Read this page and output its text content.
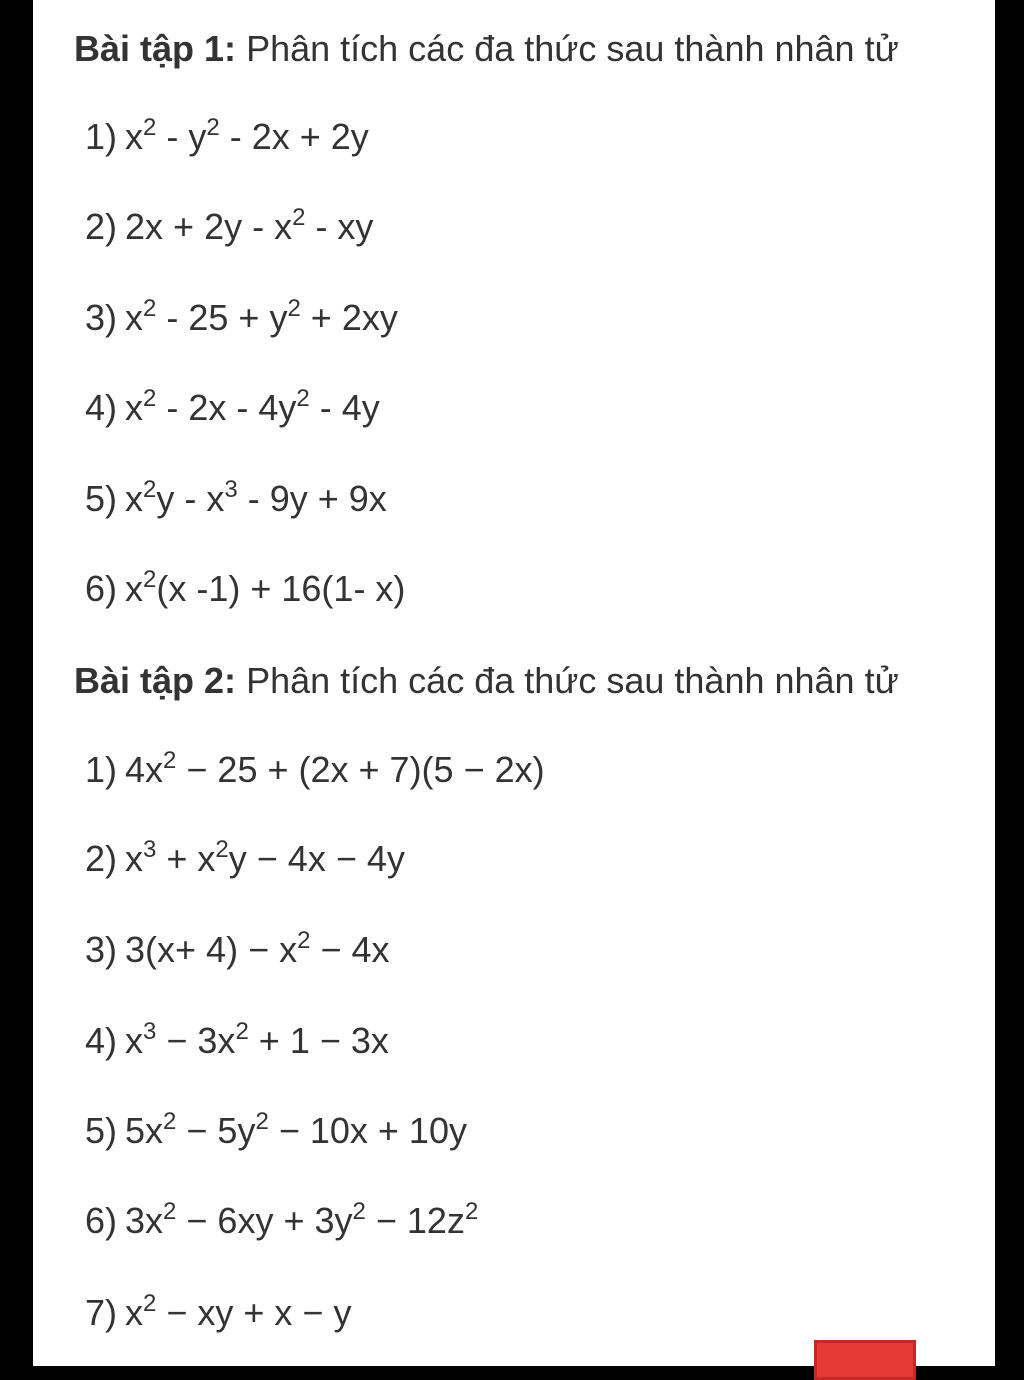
Bài tập 1: Phân tích các đa thức sau thành nhân tử
1) $x^2 - y^2 - 2x + 2y$
2) $2x + 2y - x^2$ - xy
3) $x^2 - 25 + y^2 + 2xy$
$4)x^2 - 2x - 4y^2 - 4y$
5) $x^2y - x^3 - 9y + 9x$
6) $x^2(x$ -1) + 16(1- x)
Bài tập 2: Phân tích các đa thức sau thành nhân tử
1) $4x^2 - 25 + (2x + 7)(5 - 2x)$
2) $x^3 + x^2y - 4x - 4y$
3) $3(x+ 4) - x^2 - 4x$
$4)x^3 - 3x^2 + 1 - 3x$
5) $5x^2 - 5y^2 - 10x + 10y$
6) $3x^2 - 6xy + 3y^2 - 12z^2$
7) $x^2$ − xy + x − y
